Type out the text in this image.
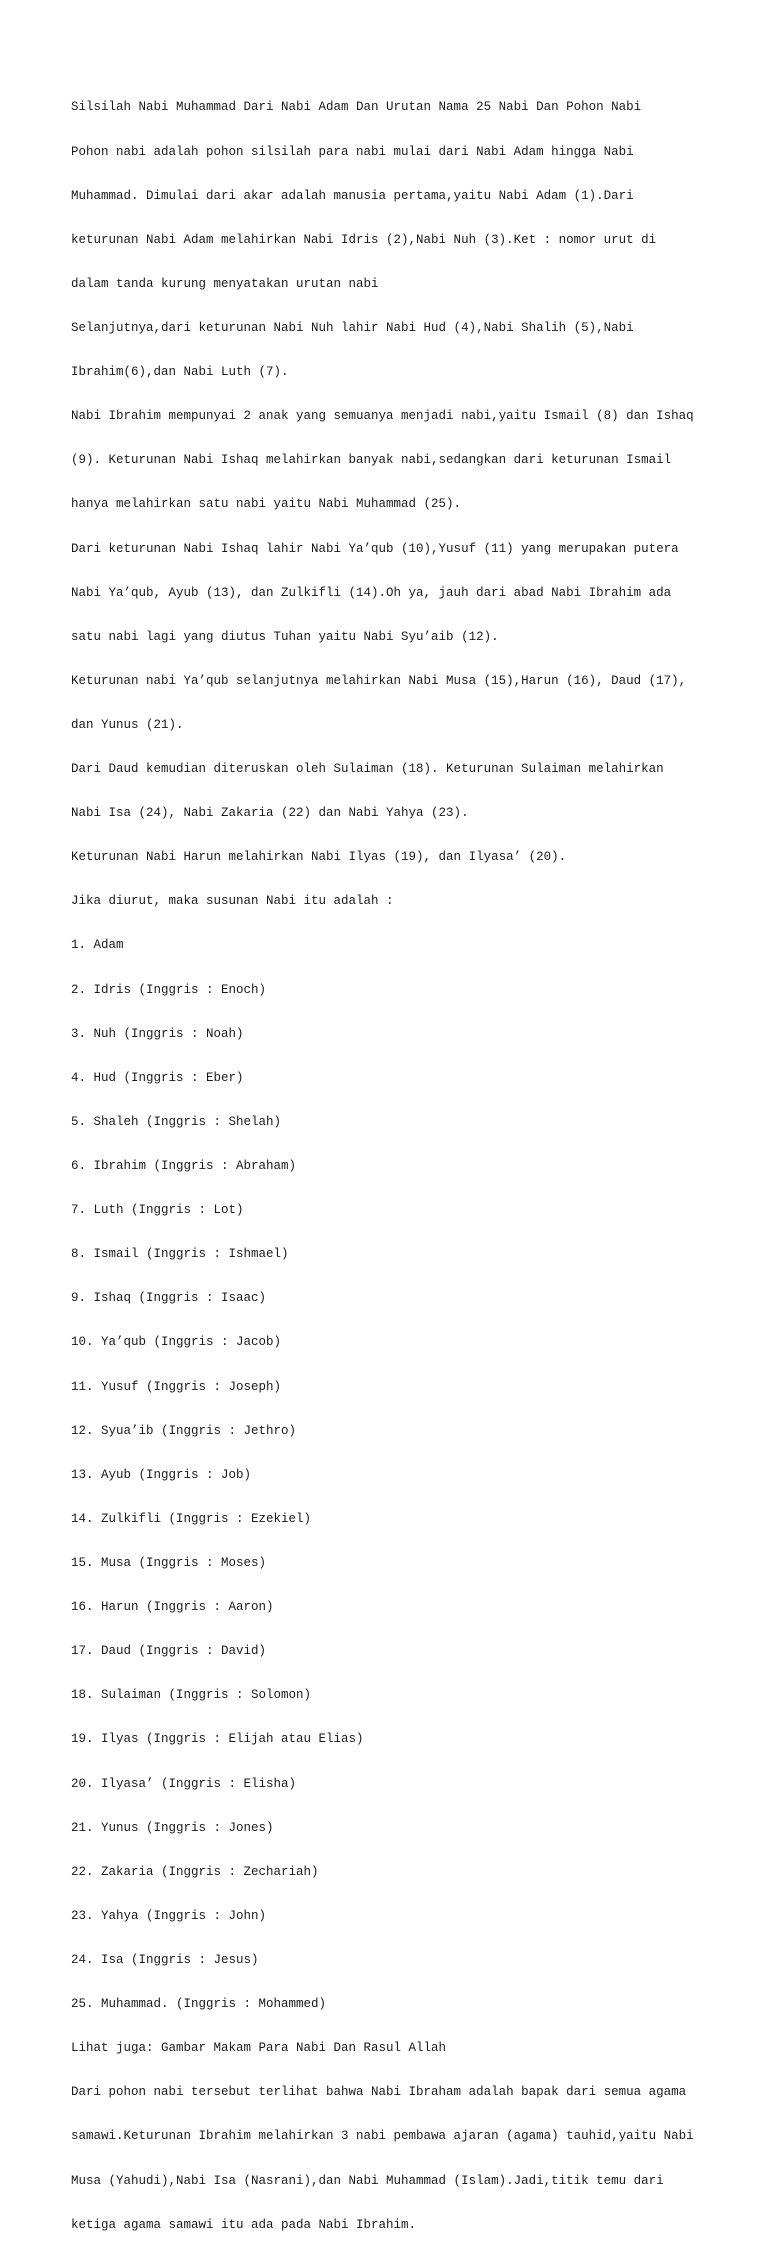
Silsilah Nabi Muhammad Dari Nabi Adam Dan Urutan Nama 25 Nabi Dan Pohon Nabi

Pohon nabi adalah pohon silsilah para nabi mulai dari Nabi Adam hingga Nabi

Muhammad. Dimulai dari akar adalah manusia pertama,yaitu Nabi Adam (1).Dari

keturunan Nabi Adam melahirkan Nabi Idris (2),Nabi Nuh (3).Ket : nomor urut di

dalam tanda kurung menyatakan urutan nabi

Selanjutnya,dari keturunan Nabi Nuh lahir Nabi Hud (4),Nabi Shalih (5),Nabi

Ibrahim(6),dan Nabi Luth (7).

Nabi Ibrahim mempunyai 2 anak yang semuanya menjadi nabi,yaitu Ismail (8) dan Ishaq

(9). Keturunan Nabi Ishaq melahirkan banyak nabi,sedangkan dari keturunan Ismail

hanya melahirkan satu nabi yaitu Nabi Muhammad (25).

Dari keturunan Nabi Ishaq lahir Nabi Ya’qub (10),Yusuf (11) yang merupakan putera

Nabi Ya’qub, Ayub (13), dan Zulkifli (14).Oh ya, jauh dari abad Nabi Ibrahim ada

satu nabi lagi yang diutus Tuhan yaitu Nabi Syu’aib (12).

Keturunan nabi Ya’qub selanjutnya melahirkan Nabi Musa (15),Harun (16), Daud (17),

dan Yunus (21).

Dari Daud kemudian diteruskan oleh Sulaiman (18). Keturunan Sulaiman melahirkan

Nabi Isa (24), Nabi Zakaria (22) dan Nabi Yahya (23).

Keturunan Nabi Harun melahirkan Nabi Ilyas (19), dan Ilyasa’ (20).

Jika diurut, maka susunan Nabi itu adalah :

1. Adam

2. Idris (Inggris : Enoch)

3. Nuh (Inggris : Noah)

4. Hud (Inggris : Eber)

5. Shaleh (Inggris : Shelah)

6. Ibrahim (Inggris : Abraham)

7. Luth (Inggris : Lot)

8. Ismail (Inggris : Ishmael)

9. Ishaq (Inggris : Isaac)

10. Ya’qub (Inggris : Jacob)

11. Yusuf (Inggris : Joseph)

12. Syua’ib (Inggris : Jethro)

13. Ayub (Inggris : Job)

14. Zulkifli (Inggris : Ezekiel)

15. Musa (Inggris : Moses)

16. Harun (Inggris : Aaron)

17. Daud (Inggris : David)

18. Sulaiman (Inggris : Solomon)

19. Ilyas (Inggris : Elijah atau Elias)

20. Ilyasa’ (Inggris : Elisha)

21. Yunus (Inggris : Jones)

22. Zakaria (Inggris : Zechariah)

23. Yahya (Inggris : John)

24. Isa (Inggris : Jesus)

25. Muhammad. (Inggris : Mohammed)

Lihat juga: Gambar Makam Para Nabi Dan Rasul Allah

Dari pohon nabi tersebut terlihat bahwa Nabi Ibraham adalah bapak dari semua agama

samawi.Keturunan Ibrahim melahirkan 3 nabi pembawa ajaran (agama) tauhid,yaitu Nabi

Musa (Yahudi),Nabi Isa (Nasrani),dan Nabi Muhammad (Islam).Jadi,titik temu dari

ketiga agama samawi itu ada pada Nabi Ibrahim.
